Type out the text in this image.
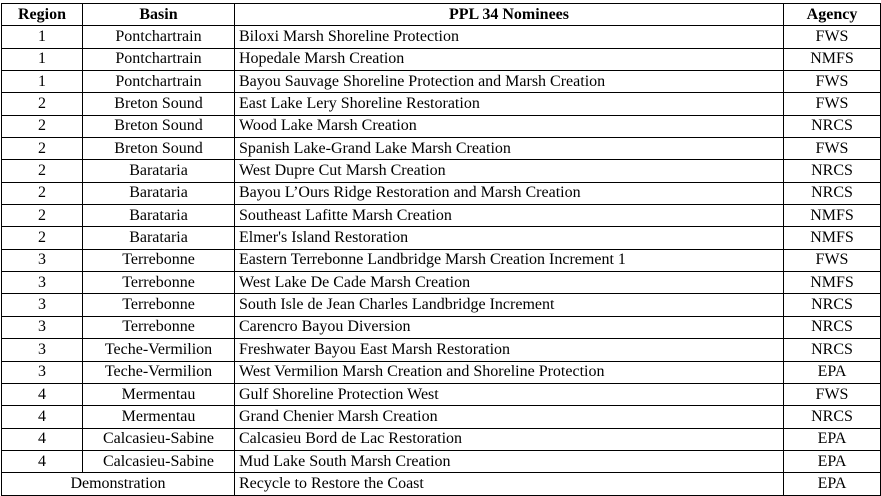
Region	Basin	PPL 34 Nominees	Agency
1	Pontchartrain	Biloxi Marsh Shoreline Protection	FWS
1	Pontchartrain	Hopedale Marsh Creation	NMFS
1	Pontchartrain	Bayou Sauvage Shoreline Protection and Marsh Creation	FWS
2	Breton Sound	East Lake Lery Shoreline Restoration	FWS
2	Breton Sound	Wood Lake Marsh Creation	NRCS
2	Breton Sound	Spanish Lake-Grand Lake Marsh Creation	FWS
2	Barataria	West Dupre Cut Marsh Creation	NRCS
2	Barataria	Bayou L’Ours Ridge Restoration and Marsh Creation	NRCS
2	Barataria	Southeast Lafitte Marsh Creation	NMFS
2	Barataria	Elmer's Island Restoration	NMFS
3	Terrebonne	Eastern Terrebonne Landbridge Marsh Creation Increment 1	FWS
3	Terrebonne	West Lake De Cade Marsh Creation	NMFS
3	Terrebonne	South Isle de Jean Charles Landbridge Increment	NRCS
3	Terrebonne	Carencro Bayou Diversion	NRCS
3	Teche-Vermilion	Freshwater Bayou East Marsh Restoration	NRCS
3	Teche-Vermilion	West Vermilion Marsh Creation and Shoreline Protection	EPA
4	Mermentau	Gulf Shoreline Protection West	FWS
4	Mermentau	Grand Chenier Marsh Creation	NRCS
4	Calcasieu-Sabine	Calcasieu Bord de Lac Restoration	EPA
4	Calcasieu-Sabine	Mud Lake South Marsh Creation	EPA
Demonstration		Recycle to Restore the Coast	EPA
